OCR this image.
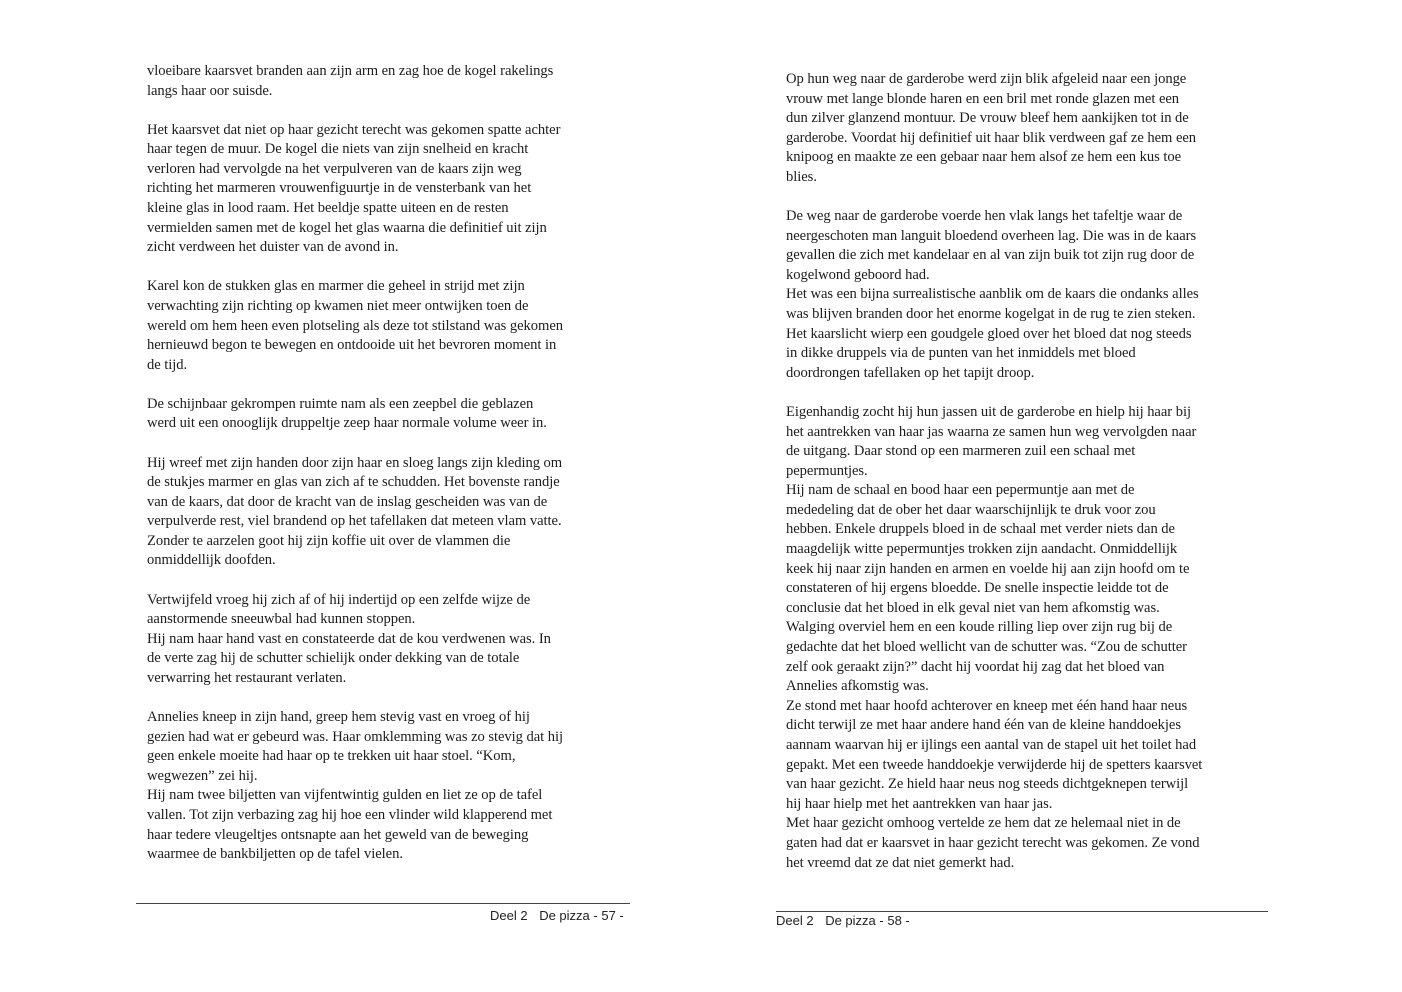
vloeibare kaarsvet branden aan zijn arm en zag hoe de kogel rakelings
langs haar oor suisde.

Het kaarsvet dat niet op haar gezicht terecht was gekomen spatte achter
haar tegen de muur. De kogel die niets van zijn snelheid en kracht
verloren had vervolgde na het verpulveren van de kaars zijn weg
richting het marmeren vrouwenfiguurtje in de vensterbank van het
kleine glas in lood raam. Het beeldje spatte uiteen en de resten
vermielden samen met de kogel het glas waarna die definitief uit zijn
zicht verdween het duister van de avond in.

Karel kon de stukken glas en marmer die geheel in strijd met zijn
verwachting zijn richting op kwamen niet meer ontwijken toen de
wereld om hem heen even plotseling als deze tot stilstand was gekomen
hernieuwd begon te bewegen en ontdooide uit het bevroren moment in
de tijd.

De schijnbaar gekrompen ruimte nam als een zeepbel die geblazen
werd uit een onooglijk druppeltje zeep haar normale volume weer in.

Hij wreef met zijn handen door zijn haar en sloeg langs zijn kleding om
de stukjes marmer en glas van zich af te schudden. Het bovenste randje
van de kaars, dat door de kracht van de inslag gescheiden was van de
verpulverde rest, viel brandend op het tafellaken dat meteen vlam vatte.
Zonder te aarzelen goot hij zijn koffie uit over de vlammen die
onmiddellijk doofden.

Vertwijfeld vroeg hij zich af of hij indertijd op een zelfde wijze de
aanstormende sneeuwbal had kunnen stoppen.
Hij nam haar hand vast en constateerde dat de kou verdwenen was. In
de verte zag hij de schutter schielijk onder dekking van de totale
verwarring het restaurant verlaten.

Annelies kneep in zijn hand, greep hem stevig vast en vroeg of hij
gezien had wat er gebeurd was. Haar omklemming was zo stevig dat hij
geen enkele moeite had haar op te trekken uit haar stoel. “Kom,
wegwezen” zei hij.
Hij nam twee biljetten van vijfentwintig gulden en liet ze op de tafel
vallen. Tot zijn verbazing zag hij hoe een vlinder wild klapperend met
haar tedere vleugeltjes ontsnapte aan het geweld van de beweging
waarmee de bankbiljetten op de tafel vielen.

Deel 2 De pizza - 57 -

Op hun weg naar de garderobe werd zijn blik afgeleid naar een jonge
vrouw met lange blonde haren en een bril met ronde glazen met een
dun zilver glanzend montuur. De vrouw bleef hem aankijken tot in de
garderobe. Voordat hij definitief uit haar blik verdween gaf ze hem een
knipoog en maakte ze een gebaar naar hem alsof ze hem een kus toe
blies.

De weg naar de garderobe voerde hen vlak langs het tafeltje waar de
neergeschoten man languit bloedend overheen lag. Die was in de kaars
gevallen die zich met kandelaar en al van zijn buik tot zijn rug door de
kogelwond geboord had.
Het was een bijna surrealistische aanblik om de kaars die ondanks alles
was blijven branden door het enorme kogelgat in de rug te zien steken.
Het kaarslicht wierp een goudgele gloed over het bloed dat nog steeds
in dikke druppels via de punten van het inmiddels met bloed
doordrongen tafellaken op het tapijt droop.

Eigenhandig zocht hij hun jassen uit de garderobe en hielp hij haar bij
het aantrekken van haar jas waarna ze samen hun weg vervolgden naar
de uitgang. Daar stond op een marmeren zuil een schaal met
pepermuntjes.
Hij nam de schaal en bood haar een pepermuntje aan met de
mededeling dat de ober het daar waarschijnlijk te druk voor zou
hebben. Enkele druppels bloed in de schaal met verder niets dan de
maagdelijk witte pepermuntjes trokken zijn aandacht. Onmiddellijk
keek hij naar zijn handen en armen en voelde hij aan zijn hoofd om te
constateren of hij ergens bloedde. De snelle inspectie leidde tot de
conclusie dat het bloed in elk geval niet van hem afkomstig was.
Walging overviel hem en een koude rilling liep over zijn rug bij de
gedachte dat het bloed wellicht van de schutter was. “Zou de schutter
zelf ook geraakt zijn?” dacht hij voordat hij zag dat het bloed van
Annelies afkomstig was.
Ze stond met haar hoofd achterover en kneep met één hand haar neus
dicht terwijl ze met haar andere hand één van de kleine handdoekjes
aannam waarvan hij er ijlings een aantal van de stapel uit het toilet had
gepakt. Met een tweede handdoekje verwijderde hij de spetters kaarsvet
van haar gezicht. Ze hield haar neus nog steeds dichtgeknepen terwijl
hij haar hielp met het aantrekken van haar jas.
Met haar gezicht omhoog vertelde ze hem dat ze helemaal niet in de
gaten had dat er kaarsvet in haar gezicht terecht was gekomen. Ze vond
het vreemd dat ze dat niet gemerkt had.

Deel 2 De pizza - 58 -
